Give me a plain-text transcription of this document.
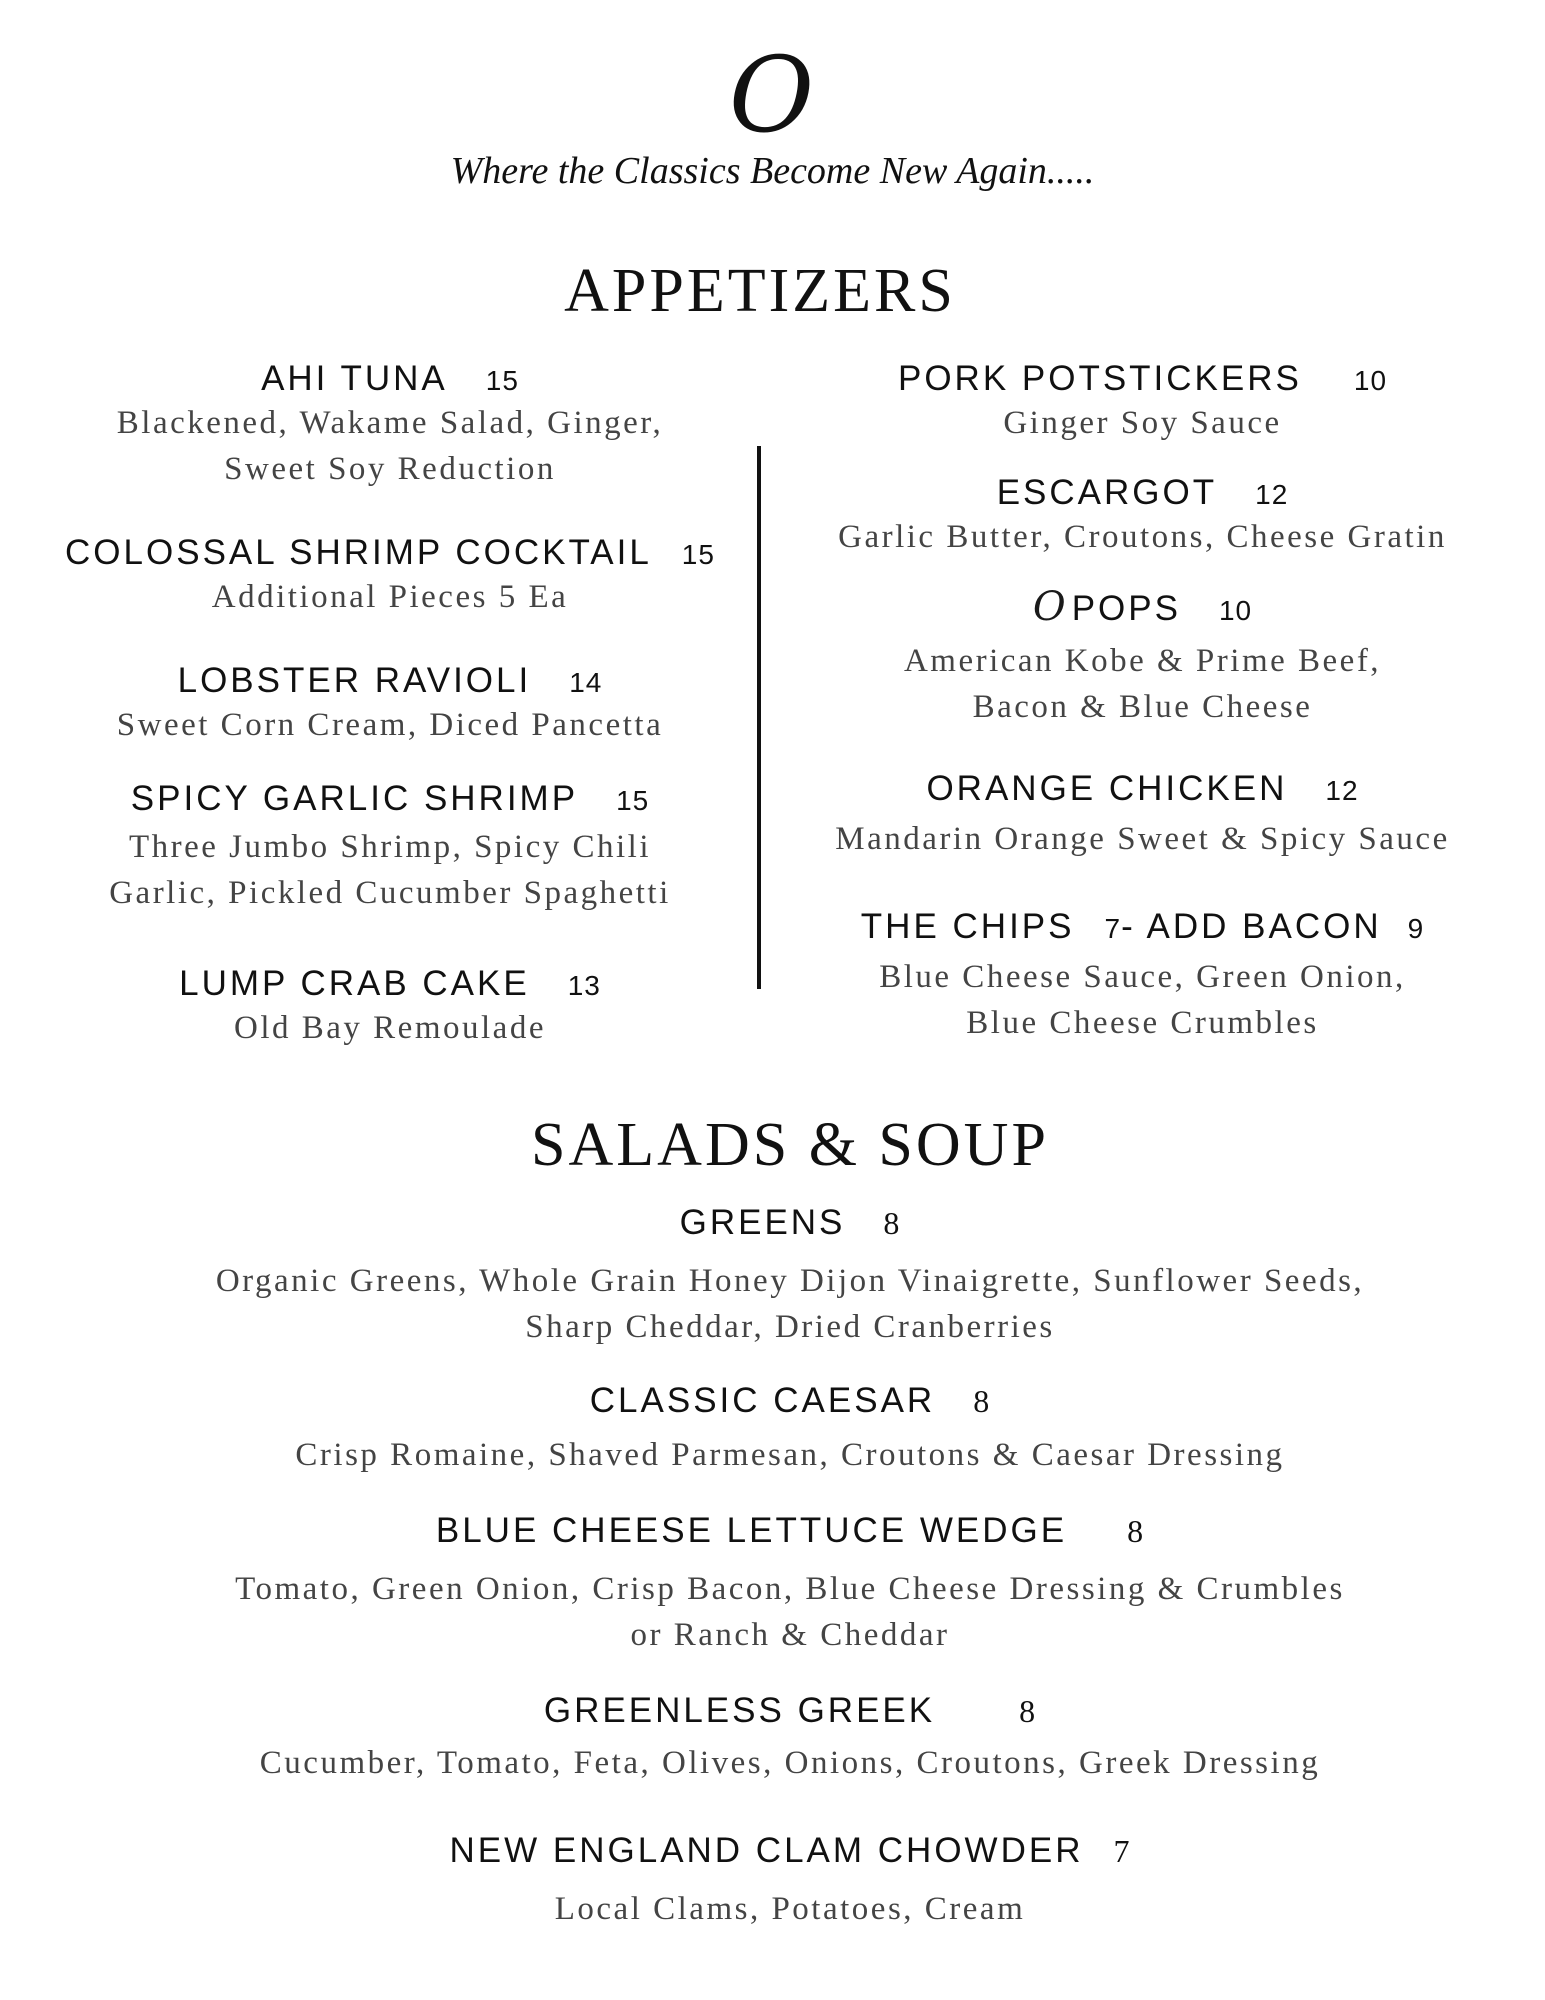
O
Where the Classics Become New Again.....
APPETIZERS
AHI TUNA 15
Blackened, Wakame Salad, Ginger,
Sweet Soy Reduction
COLOSSAL SHRIMP COCKTAIL 15
Additional Pieces 5 Ea
LOBSTER RAVIOLI 14
Sweet Corn Cream, Diced Pancetta
SPICY GARLIC SHRIMP 15
Three Jumbo Shrimp, Spicy Chili
Garlic, Pickled Cucumber Spaghetti
LUMP CRAB CAKE 13
Old Bay Remoulade
PORK POTSTICKERS 10
Ginger Soy Sauce
ESCARGOT 12
Garlic Butter, Croutons, Cheese Gratin
O POPS 10
American Kobe & Prime Beef,
Bacon & Blue Cheese
ORANGE CHICKEN 12
Mandarin Orange Sweet & Spicy Sauce
THE CHIPS 7- ADD BACON 9
Blue Cheese Sauce, Green Onion,
Blue Cheese Crumbles
SALADS & SOUP
GREENS 8
Organic Greens, Whole Grain Honey Dijon Vinaigrette, Sunflower Seeds,
Sharp Cheddar, Dried Cranberries
CLASSIC CAESAR 8
Crisp Romaine, Shaved Parmesan, Croutons & Caesar Dressing
BLUE CHEESE LETTUCE WEDGE 8
Tomato, Green Onion, Crisp Bacon, Blue Cheese Dressing & Crumbles
or Ranch & Cheddar
GREENLESS GREEK	8
Cucumber, Tomato, Feta, Olives, Onions, Croutons, Greek Dressing
NEW ENGLAND CLAM CHOWDER 7
Local Clams, Potatoes, Cream
